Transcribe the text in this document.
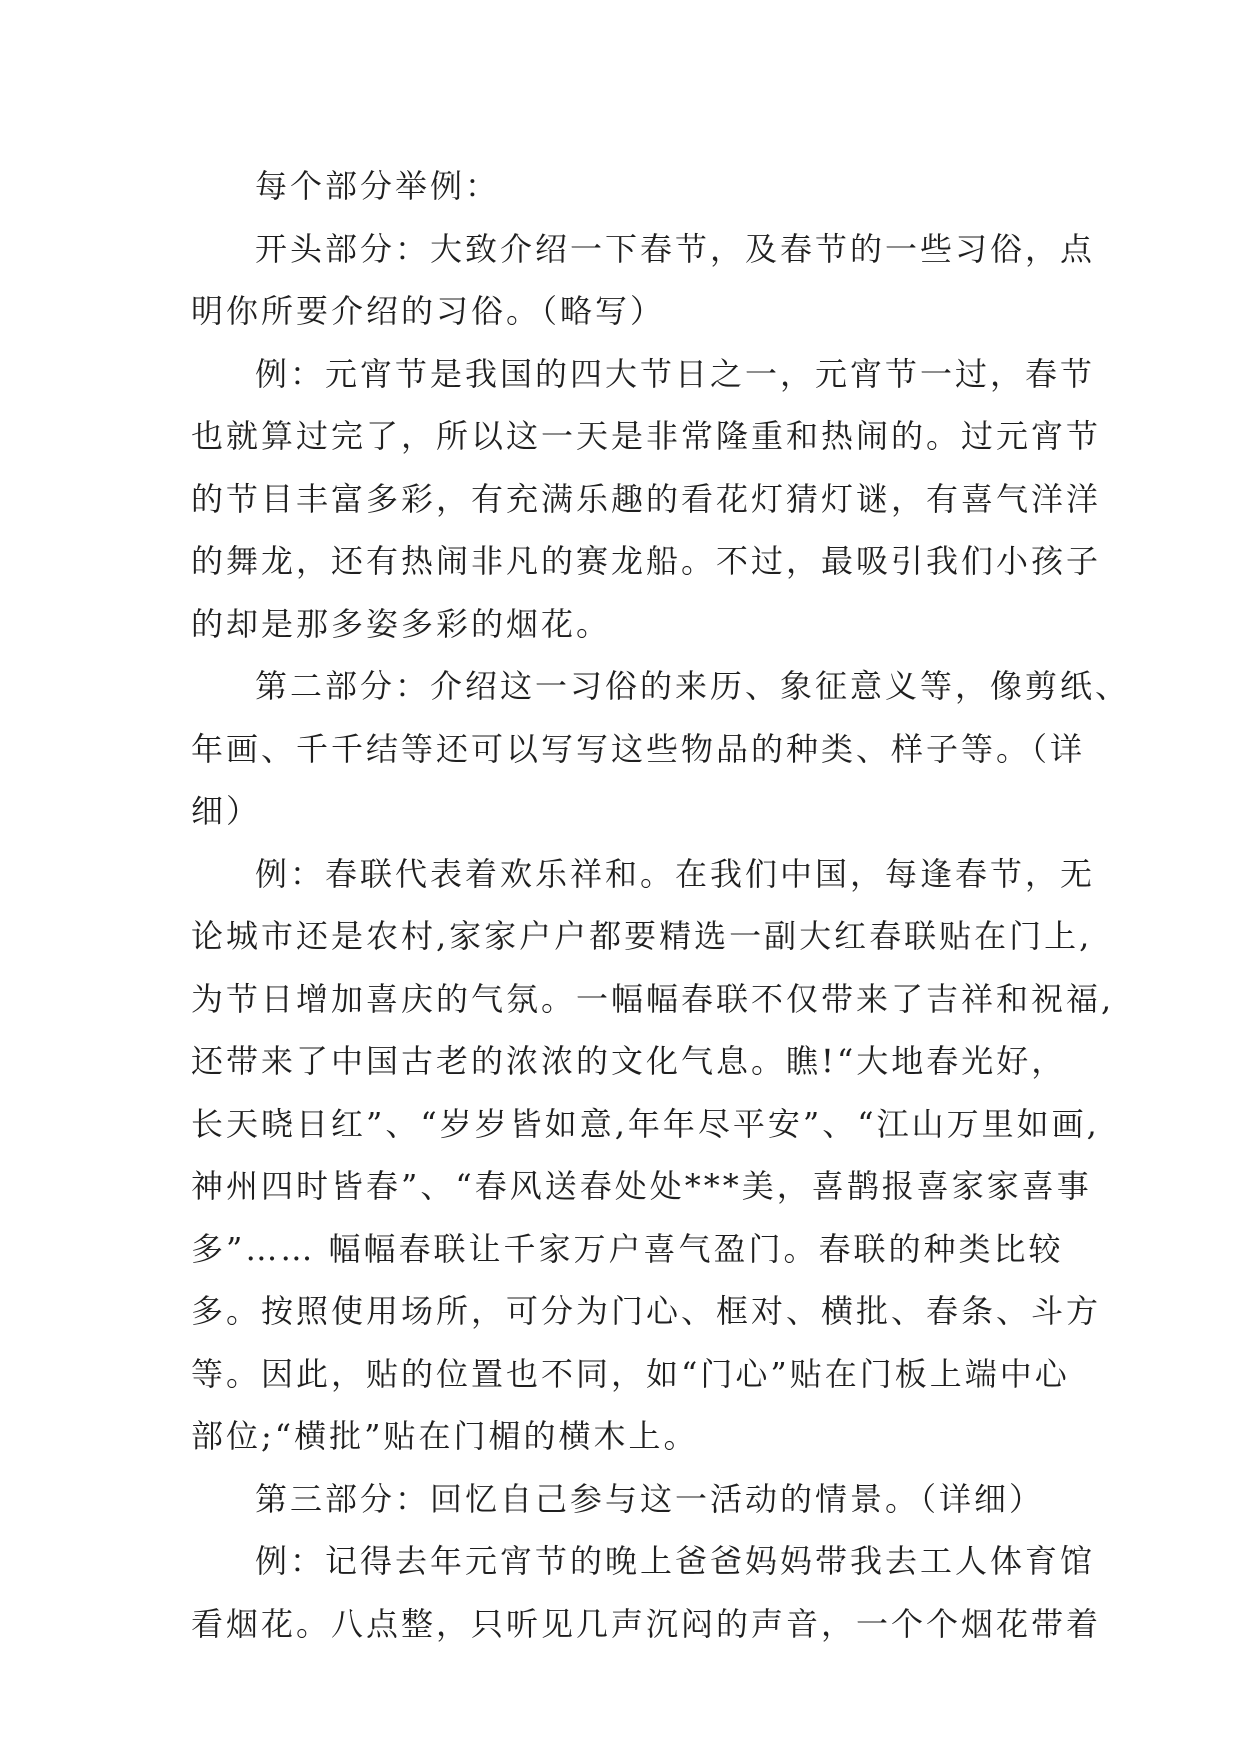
每个部分举例：
开头部分：大致介绍一下春节，及春节的一些习俗，点
明你所要介绍的习俗。（略写）
例：元宵节是我国的四大节日之一，元宵节一过，春节
也就算过完了，所以这一天是非常隆重和热闹的。过元宵节
的节目丰富多彩，有充满乐趣的看花灯猜灯谜，有喜气洋洋
的舞龙，还有热闹非凡的赛龙船。不过，最吸引我们小孩子
的却是那多姿多彩的烟花。
第二部分：介绍这一习俗的来历、象征意义等，像剪纸、
年画、千千结等还可以写写这些物品的种类、样子等。（详
细）
例：春联代表着欢乐祥和。在我们中国，每逢春节，无
论城市还是农村,家家户户都要精选一副大红春联贴在门上,
为节日增加喜庆的气氛。一幅幅春联不仅带来了吉祥和祝福,
还带来了中国古老的浓浓的文化气息。瞧!“大地春光好，
长天晓日红”、“岁岁皆如意,年年尽平安”、“江山万里如画,
神州四时皆春”、“春风送春处处***美，喜鹊报喜家家喜事
多”…… 幅幅春联让千家万户喜气盈门。春联的种类比较
多。按照使用场所，可分为门心、框对、横批、春条、斗方
等。因此，贴的位置也不同，如“门心”贴在门板上端中心
部位;“横批”贴在门楣的横木上。
第三部分：回忆自己参与这一活动的情景。（详细）
例：记得去年元宵节的晚上爸爸妈妈带我去工人体育馆
看烟花。八点整，只听见几声沉闷的声音，一个个烟花带着
